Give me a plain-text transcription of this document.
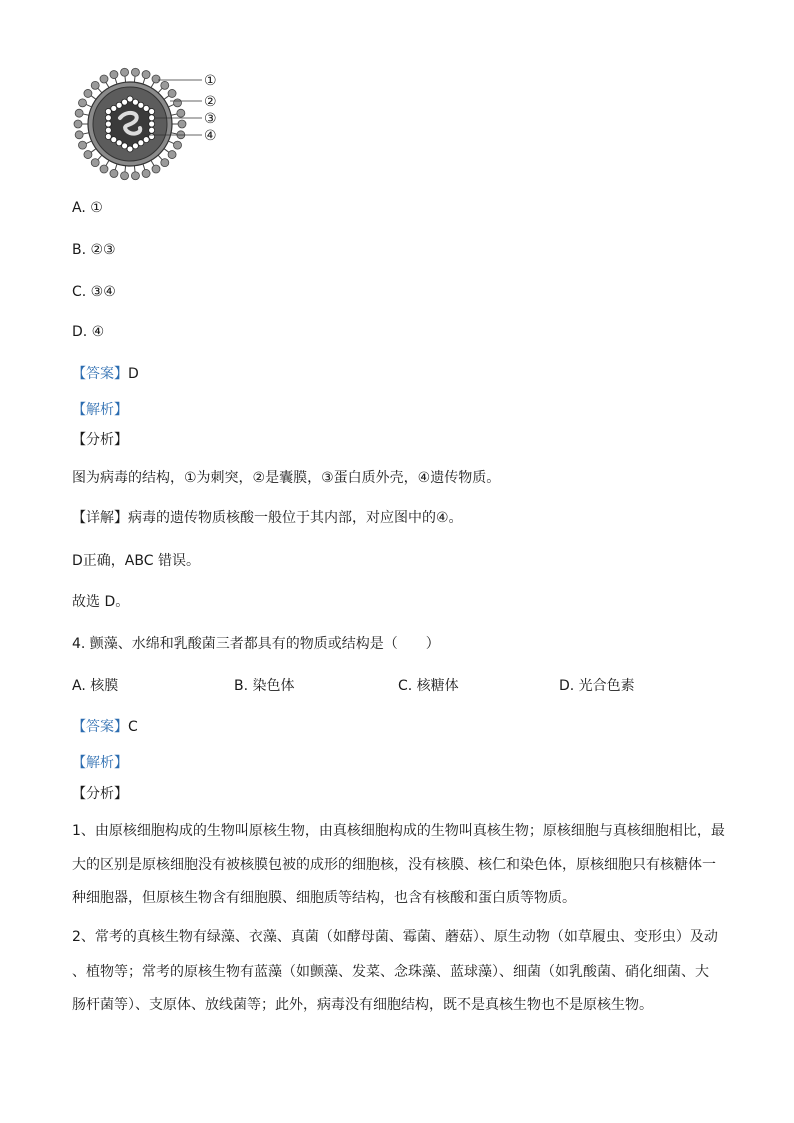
①
②
③
④
A. ①
B. ②③
C. ③④
D. ④
【答案】D
【解析】
【分析】
图为病毒的结构，①为刺突，②是囊膜，③蛋白质外壳，④遗传物质。
【详解】病毒的遗传物质核酸一般位于其内部，对应图中的④。
D正确，ABC 错误。
故选 D。
4. 颤藻、水绵和乳酸菌三者都具有的物质或结构是（　　）
A. 核膜	B. 染色体	C. 核糖体	D. 光合色素
【答案】C
【解析】
【分析】
1、由原核细胞构成的生物叫原核生物，由真核细胞构成的生物叫真核生物；原核细胞与真核细胞相比，最
大的区别是原核细胞没有被核膜包被的成形的细胞核，没有核膜、核仁和染色体，原核细胞只有核糖体一
种细胞器，但原核生物含有细胞膜、细胞质等结构，也含有核酸和蛋白质等物质。
2、常考的真核生物有绿藻、衣藻、真菌（如酵母菌、霉菌、蘑菇）、原生动物（如草履虫、变形虫）及动
、植物等；常考的原核生物有蓝藻（如颤藻、发菜、念珠藻、蓝球藻）、细菌（如乳酸菌、硝化细菌、大
肠杆菌等）、支原体、放线菌等；此外，病毒没有细胞结构，既不是真核生物也不是原核生物。
